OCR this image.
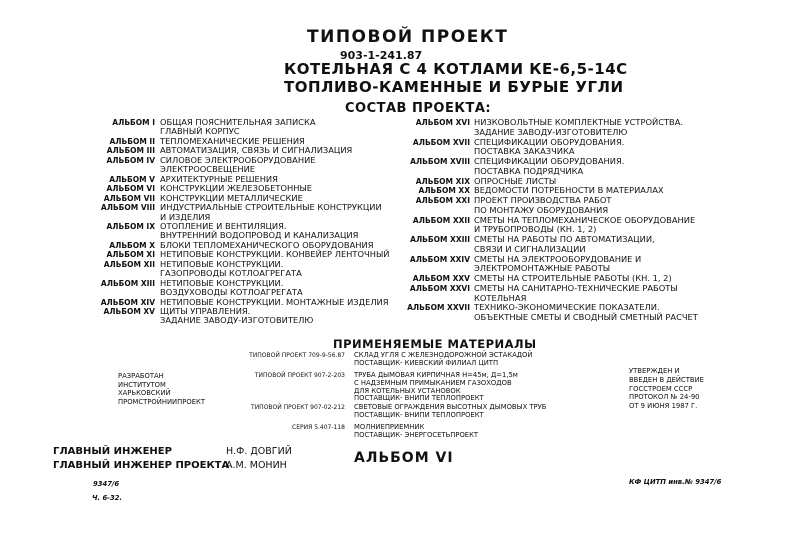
ТИПОВОЙ ПРОЕКТ
903-1-241.87
КОТЕЛЬНАЯ С 4 КОТЛАМИ КЕ-6,5-14С
ТОПЛИВО-КАМЕННЫЕ И БУРЫЕ УГЛИ
СОСТАВ ПРОЕКТА:
АЛЬБОМ I ОБЩАЯ ПОЯСНИТЕЛЬНАЯ ЗАПИСКА
ГЛАВНЫЙ КОРПУС
АЛЬБОМ II ТЕПЛОМЕХАНИЧЕСКИЕ РЕШЕНИЯ
АЛЬБОМ III АВТОМАТИЗАЦИЯ, СВЯЗЬ И СИГНАЛИЗАЦИЯ
АЛЬБОМ IV СИЛОВОЕ ЭЛЕКТРООБОРУДОВАНИЕ
ЭЛЕКТРООСВЕЩЕНИЕ
АЛЬБОМ V АРХИТЕКТУРНЫЕ РЕШЕНИЯ
АЛЬБОМ VI КОНСТРУКЦИИ ЖЕЛЕЗОБЕТОННЫЕ
АЛЬБОМ VII КОНСТРУКЦИИ МЕТАЛЛИЧЕСКИЕ
АЛЬБОМ VIII ИНДУСТРИАЛЬНЫЕ СТРОИТЕЛЬНЫЕ КОНСТРУКЦИИ
И ИЗДЕЛИЯ
АЛЬБОМ IX ОТОПЛЕНИЕ И ВЕНТИЛЯЦИЯ.
ВНУТРЕННИЙ ВОДОПРОВОД И КАНАЛИЗАЦИЯ
АЛЬБОМ X БЛОКИ ТЕПЛОМЕХАНИЧЕСКОГО ОБОРУДОВАНИЯ
АЛЬБОМ XI НЕТИПОВЫЕ КОНСТРУКЦИИ. КОНВЕЙЕР ЛЕНТОЧНЫЙ
АЛЬБОМ XII НЕТИПОВЫЕ КОНСТРУКЦИИ.
ГАЗОПРОВОДЫ КОТЛОАГРЕГАТА
АЛЬБОМ XIII НЕТИПОВЫЕ КОНСТРУКЦИИ.
ВОЗДУХОВОДЫ КОТЛОАГРЕГАТА
АЛЬБОМ XIV НЕТИПОВЫЕ КОНСТРУКЦИИ. МОНТАЖНЫЕ ИЗДЕЛИЯ
АЛЬБОМ XV ЩИТЫ УПРАВЛЕНИЯ.
ЗАДАНИЕ ЗАВОДУ-ИЗГОТОВИТЕЛЮ
АЛЬБОМ XVI НИЗКОВОЛЬТНЫЕ КОМПЛЕКТНЫЕ УСТРОЙСТВА.
ЗАДАНИЕ ЗАВОДУ-ИЗГОТОВИТЕЛЮ
АЛЬБОМ XVII СПЕЦИФИКАЦИИ ОБОРУДОВАНИЯ.
ПОСТАВКА ЗАКАЗЧИКА
АЛЬБОМ XVIII СПЕЦИФИКАЦИИ ОБОРУДОВАНИЯ.
ПОСТАВКА ПОДРЯДЧИКА
АЛЬБОМ XIX ОПРОСНЫЕ ЛИСТЫ
АЛЬБОМ XX ВЕДОМОСТИ ПОТРЕБНОСТИ В МАТЕРИАЛАХ
АЛЬБОМ XXI ПРОЕКТ ПРОИЗВОДСТВА РАБОТ
ПО МОНТАЖУ ОБОРУДОВАНИЯ
АЛЬБОМ XXII СМЕТЫ НА ТЕПЛОМЕХАНИЧЕСКОЕ ОБОРУДОВАНИЕ
И ТРУБОПРОВОДЫ (КН. 1, 2)
АЛЬБОМ XXIII СМЕТЫ НА РАБОТЫ ПО АВТОМАТИЗАЦИИ,
СВЯЗИ И СИГНАЛИЗАЦИИ
АЛЬБОМ XXIV СМЕТЫ НА ЭЛЕКТРООБОРУДОВАНИЕ И
ЭЛЕКТРОМОНТАЖНЫЕ РАБОТЫ
АЛЬБОМ XXV СМЕТЫ НА СТРОИТЕЛЬНЫЕ РАБОТЫ (КН. 1, 2)
АЛЬБОМ XXVI СМЕТЫ НА САНИТАРНО-ТЕХНИЧЕСКИЕ РАБОТЫ
КОТЕЛЬНАЯ
АЛЬБОМ XXVII ТЕХНИКО-ЭКОНОМИЧЕСКИЕ ПОКАЗАТЕЛИ.
ОБЪЕКТНЫЕ СМЕТЫ И СВОДНЫЙ СМЕТНЫЙ РАСЧЕТ
ПРИМЕНЯЕМЫЕ МАТЕРИАЛЫ
ТИПОВОЙ ПРОЕКТ 709-9-56.87 СКЛАД УГЛЯ С ЖЕЛЕЗНОДОРОЖНОЙ ЭСТАКАДОЙ
ПОСТАВЩИК- КИЕВСКИЙ ФИЛИАЛ ЦИТП
ТИПОВОЙ ПРОЕКТ 907-2-203 ТРУБА ДЫМОВАЯ КИРПИЧНАЯ Н=45м, Д=1,5м
С НАДЗЕМНЫМ ПРИМЫКАНИЕМ ГАЗОХОДОВ
ДЛЯ КОТЕЛЬНЫХ УСТАНОВОК
ПОСТАВЩИК- ВНИПИ ТЕПЛОПРОЕКТ
ТИПОВОЙ ПРОЕКТ 907-02-212 СВЕТОВЫЕ ОГРАЖДЕНИЯ ВЫСОТНЫХ ДЫМОВЫХ ТРУБ
ПОСТАВЩИК- ВНИПИ ТЕПЛОПРОЕКТ
СЕРИЯ 5.407-118 МОЛНИЕПРИЕМНИК
ПОСТАВЩИК- ЭНЕРГОСЕТЬПРОЕКТ
РАЗРАБОТАН
ИНСТИТУТОМ
ХАРЬКОВСКИЙ
ПРОМСТРОЙНИИПРОЕКТ
УТВЕРЖДЕН И
ВВЕДЕН В ДЕЙСТВИЕ
ГОССТРОЕМ СССР
ПРОТОКОЛ № 24-90
ОТ 9 ИЮНЯ 1987 Г.
ГЛАВНЫЙ ИНЖЕНЕР	Н.Ф. ДОВГИЙ
ГЛАВНЫЙ ИНЖЕНЕР ПРОЕКТА
А.М. МОНИН	АЛЬБОМ VI
9347/6
Ч. 6-32.
КФ ЦИТП инв.№ 9347/6
